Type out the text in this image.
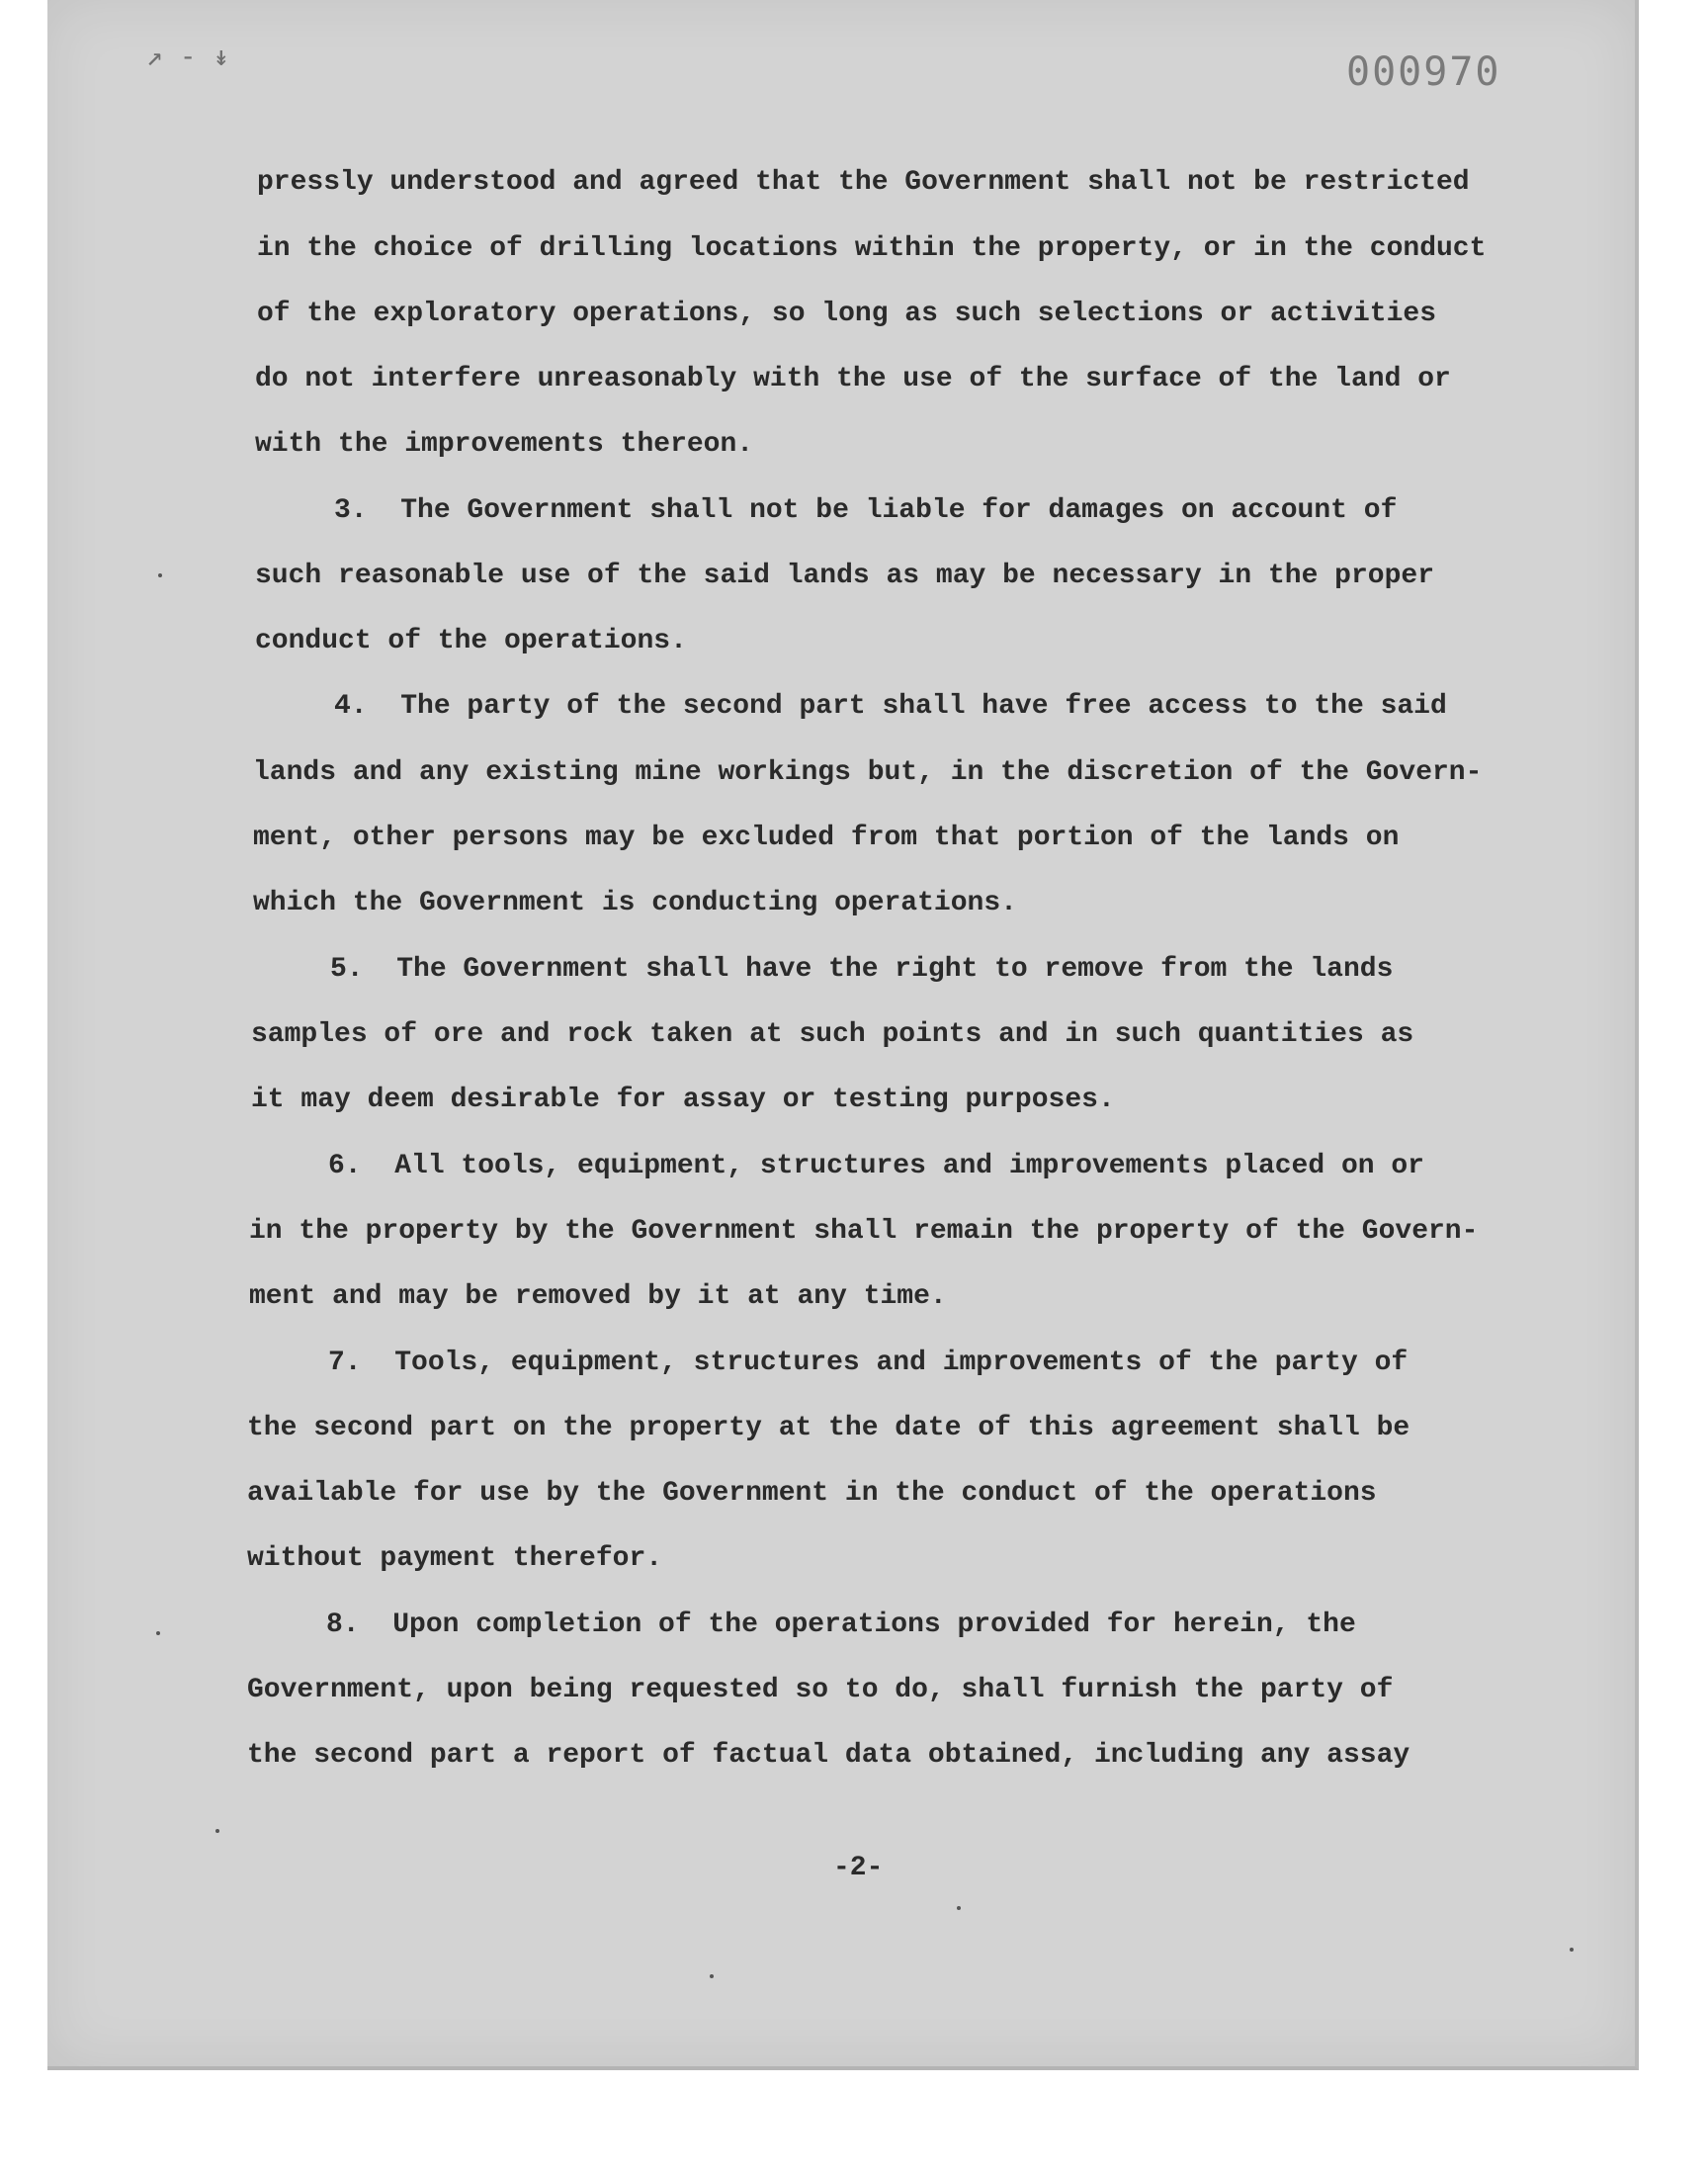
↗ - ↡	000970

pressly understood and agreed that the Government shall not be restricted

in the choice of drilling locations within the property, or in the conduct

of the exploratory operations, so long as such selections or activities

do not interfere unreasonably with the use of the surface of the land or

with the improvements thereon.

3.  The Government shall not be liable for damages on account of

such reasonable use of the said lands as may be necessary in the proper

conduct of the operations.

4.  The party of the second part shall have free access to the said

lands and any existing mine workings but, in the discretion of the Govern-

ment, other persons may be excluded from that portion of the lands on

which the Government is conducting operations.

5.  The Government shall have the right to remove from the lands

samples of ore and rock taken at such points and in such quantities as

it may deem desirable for assay or testing purposes.

6.  All tools, equipment, structures and improvements placed on or

in the property by the Government shall remain the property of the Govern-

ment and may be removed by it at any time.

7.  Tools, equipment, structures and improvements of the party of

the second part on the property at the date of this agreement shall be

available for use by the Government in the conduct of the operations

without payment therefor.

8.  Upon completion of the operations provided for herein, the

Government, upon being requested so to do, shall furnish the party of

the second part a report of factual data obtained, including any assay

-2-
